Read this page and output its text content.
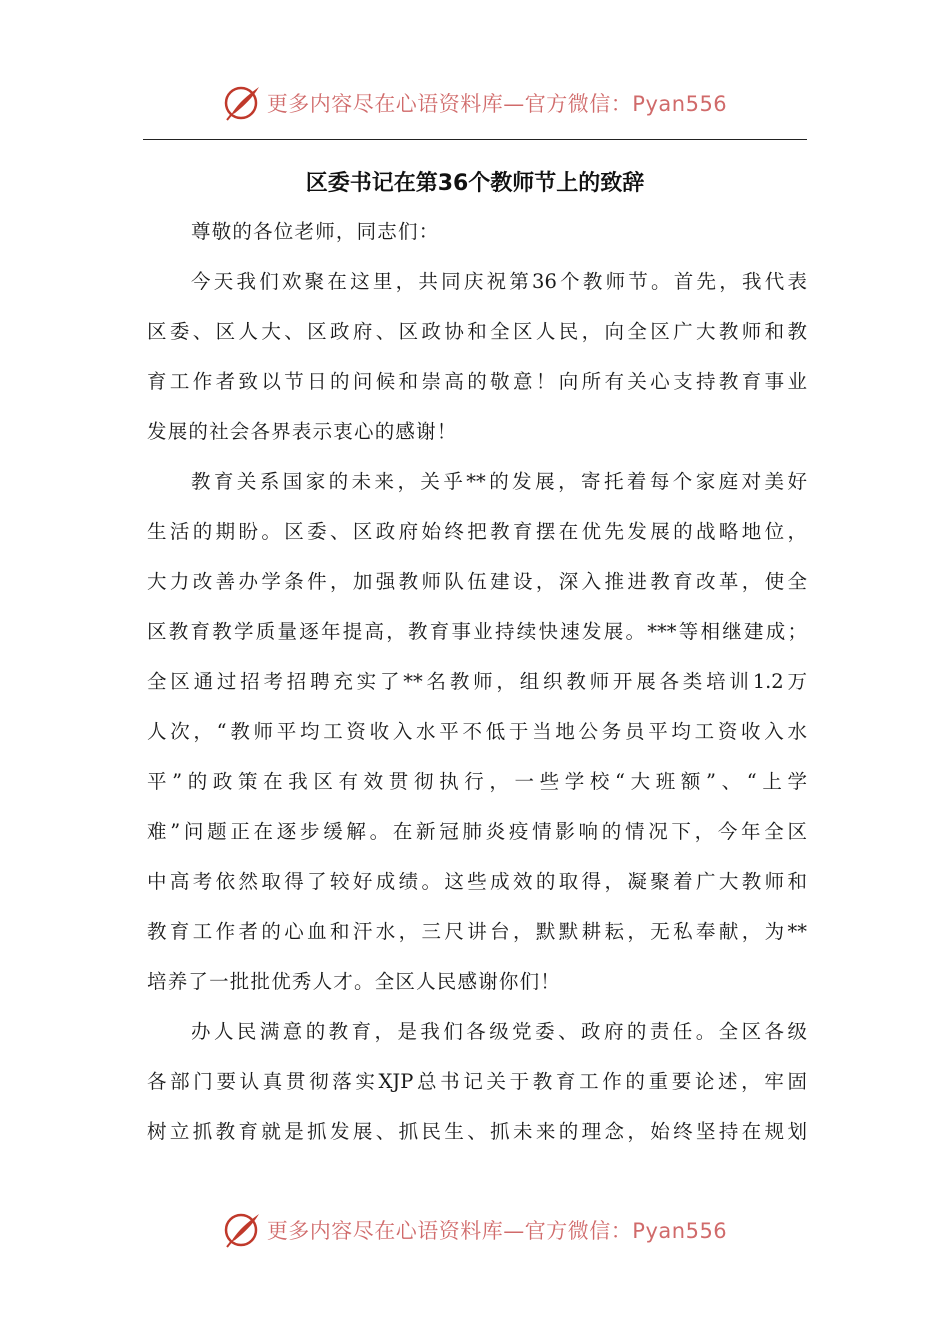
更多内容尽在心语资料库—官方微信：Pyan556
区委书记在第36个教师节上的致辞
尊敬的各位老师，同志们：
今天我们欢聚在这里，共同庆祝第36个教师节。首先，我代表
区委、区人大、区政府、区政协和全区人民，向全区广大教师和教
育工作者致以节日的问候和崇高的敬意！向所有关心支持教育事业
发展的社会各界表示衷心的感谢！
教育关系国家的未来，关乎**的发展，寄托着每个家庭对美好
生活的期盼。区委、区政府始终把教育摆在优先发展的战略地位，
大力改善办学条件，加强教师队伍建设，深入推进教育改革，使全
区教育教学质量逐年提高，教育事业持续快速发展。***等相继建成；
全区通过招考招聘充实了**名教师，组织教师开展各类培训1.2万
人次，“教师平均工资收入水平不低于当地公务员平均工资收入水
平”的政策在我区有效贯彻执行，一些学校“大班额”、“上学
难”问题正在逐步缓解。在新冠肺炎疫情影响的情况下，今年全区
中高考依然取得了较好成绩。这些成效的取得，凝聚着广大教师和
教育工作者的心血和汗水，三尺讲台，默默耕耘，无私奉献，为**
培养了一批批优秀人才。全区人民感谢你们！
办人民满意的教育，是我们各级党委、政府的责任。全区各级
各部门要认真贯彻落实XJP总书记关于教育工作的重要论述，牢固
树立抓教育就是抓发展、抓民生、抓未来的理念，始终坚持在规划
更多内容尽在心语资料库—官方微信：Pyan556
